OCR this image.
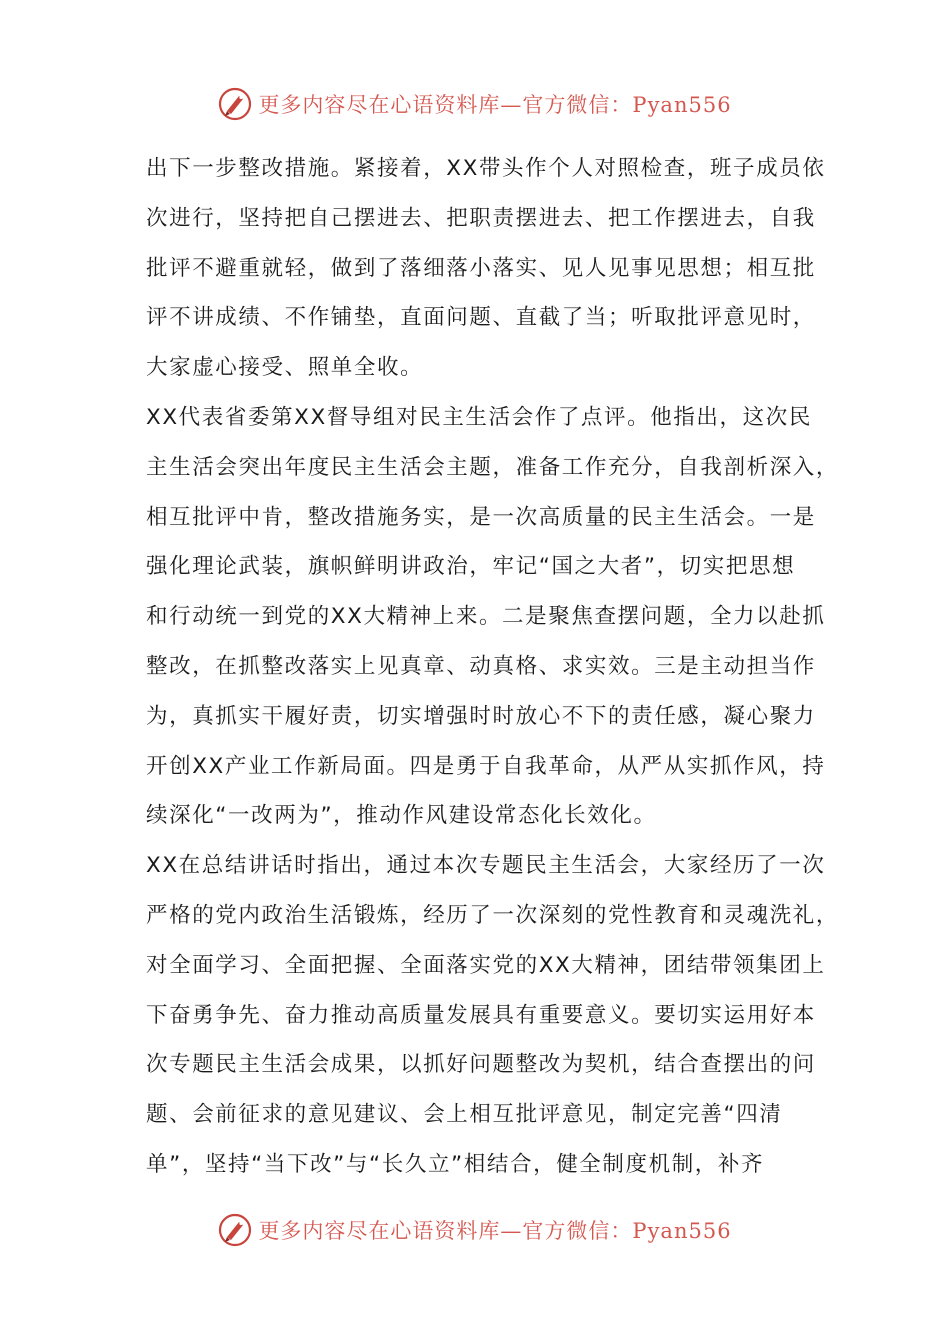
更多内容尽在心语资料库—官方微信：Pyan556
出下一步整改措施。紧接着，XX带头作个人对照检查，班子成员依
次进行，坚持把自己摆进去、把职责摆进去、把工作摆进去，自我
批评不避重就轻，做到了落细落小落实、见人见事见思想；相互批
评不讲成绩、不作铺垫，直面问题、直截了当；听取批评意见时，
大家虚心接受、照单全收。
XX代表省委第XX督导组对民主生活会作了点评。他指出，这次民
主生活会突出年度民主生活会主题，准备工作充分，自我剖析深入，
相互批评中肯，整改措施务实，是一次高质量的民主生活会。一是
强化理论武装，旗帜鲜明讲政治，牢记“国之大者”，切实把思想
和行动统一到党的XX大精神上来。二是聚焦查摆问题，全力以赴抓
整改，在抓整改落实上见真章、动真格、求实效。三是主动担当作
为，真抓实干履好责，切实增强时时放心不下的责任感，凝心聚力
开创XX产业工作新局面。四是勇于自我革命，从严从实抓作风，持
续深化“一改两为”，推动作风建设常态化长效化。
XX在总结讲话时指出，通过本次专题民主生活会，大家经历了一次
严格的党内政治生活锻炼，经历了一次深刻的党性教育和灵魂洗礼，
对全面学习、全面把握、全面落实党的XX大精神，团结带领集团上
下奋勇争先、奋力推动高质量发展具有重要意义。要切实运用好本
次专题民主生活会成果，以抓好问题整改为契机，结合查摆出的问
题、会前征求的意见建议、会上相互批评意见，制定完善“四清
单”，坚持“当下改”与“长久立”相结合，健全制度机制，补齐
更多内容尽在心语资料库—官方微信：Pyan556
